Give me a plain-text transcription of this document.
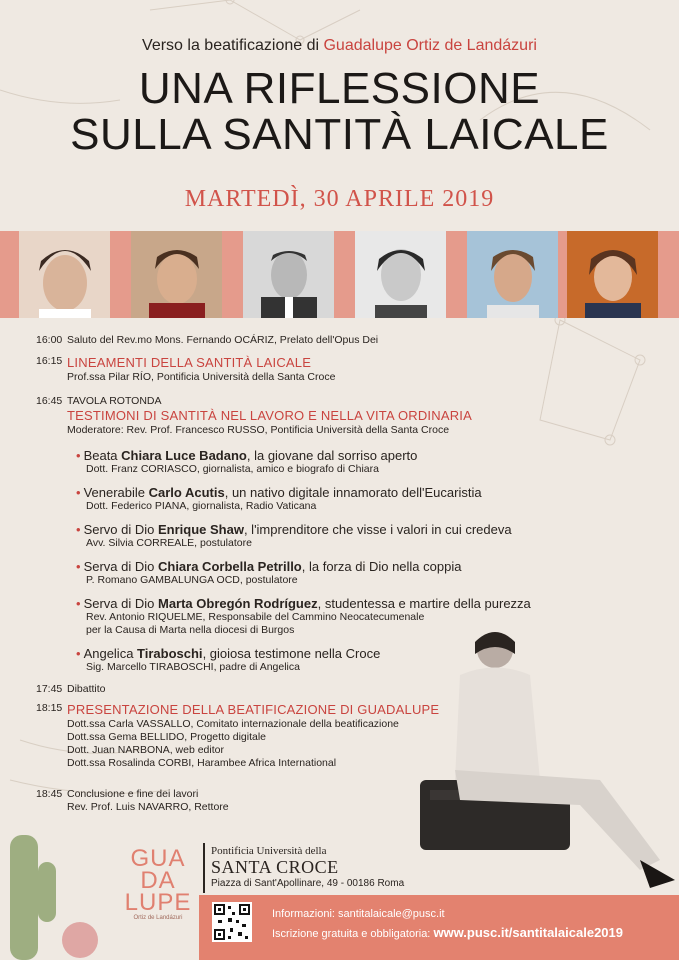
Verso la beatificazione di Guadalupe Ortiz de Landázuri
UNA RIFLESSIONE
SULLA SANTITÀ LAICALE
MARTEDÌ, 30 APRILE 2019
16:00 Saluto del Rev.mo Mons. Fernando OCÁRIZ, Prelato dell'Opus Dei
16:15 LINEAMENTI DELLA SANTITÀ LAICALE
Prof.ssa Pilar RÍO, Pontificia Università della Santa Croce
16:45 TAVOLA ROTONDA
TESTIMONI DI SANTITÀ NEL LAVORO E NELLA VITA ORDINARIA
Moderatore: Rev. Prof. Francesco RUSSO, Pontificia Università della Santa Croce
• Beata Chiara Luce Badano, la giovane dal sorriso aperto
Dott. Franz CORIASCO, giornalista, amico e biografo di Chiara
• Venerabile Carlo Acutis, un nativo digitale innamorato dell'Eucaristia
Dott. Federico PIANA, giornalista, Radio Vaticana
• Servo di Dio Enrique Shaw, l'imprenditore che visse i valori in cui credeva
Avv. Silvia CORREALE, postulatore
• Serva di Dio Chiara Corbella Petrillo, la forza di Dio nella coppia
P. Romano GAMBALUNGA OCD, postulatore
• Serva di Dio Marta Obregón Rodríguez, studentessa e martire della purezza
Rev. Antonio RIQUELME, Responsabile del Cammino Neocatecumenale
per la Causa di Marta nella diocesi di Burgos
• Angelica Tiraboschi, gioiosa testimone nella Croce
Sig. Marcello TIRABOSCHI, padre di Angelica
17:45 Dibattito
18:15 PRESENTAZIONE DELLA BEATIFICAZIONE DI GUADALUPE
Dott.ssa Carla VASSALLO, Comitato internazionale della beatificazione
Dott.ssa Gema BELLIDO, Progetto digitale
Dott. Juan NARBONA, web editor
Dott.ssa Rosalinda CORBI, Harambee Africa International
18:45 Conclusione e fine dei lavori
Rev. Prof. Luis NAVARRO, Rettore
GUA
DA
LUPE
Ortiz de Landázuri
Pontificia Università della
SANTA CROCE
Piazza di Sant'Apollinare, 49 - 00186 Roma
Informazioni: santitalaicale@pusc.it
Iscrizione gratuita e obbligatoria: www.pusc.it/santitalaicale2019
